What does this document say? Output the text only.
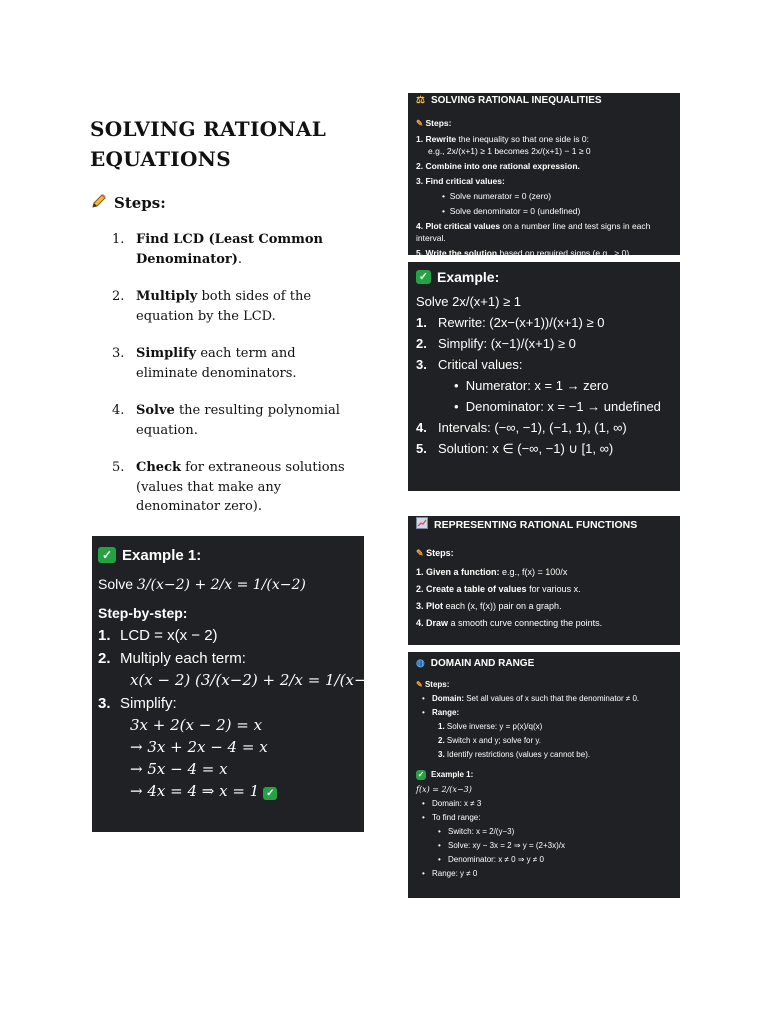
SOLVING RATIONAL EQUATIONS
Steps:
1. Find LCD (Least Common Denominator).
2. Multiply both sides of the equation by the LCD.
3. Simplify each term and eliminate denominators.
4. Solve the resulting polynomial equation.
5. Check for extraneous solutions (values that make any denominator zero).
✓ Example 1:
Solve 3/(x−2) + 2/x = 1/(x−2)
Step-by-step:
1. LCD = x(x − 2)
2. Multiply each term:
x(x − 2) (3/(x−2) + 2/x = 1/(x−2))
3. Simplify:
3x + 2(x − 2) = x
→ 3x + 2x − 4 = x
→ 5x − 4 = x
→ 4x = 4 ⇒ x = 1 ✓
⚖ SOLVING RATIONAL INEQUALITIES
✎ Steps:
1. Rewrite the inequality so that one side is 0:
e.g., 2x/(x+1) ≥ 1 becomes 2x/(x+1) − 1 ≥ 0
2. Combine into one rational expression.
3. Find critical values:
•  Solve numerator = 0 (zero)
•  Solve denominator = 0 (undefined)
4. Plot critical values on a number line and test signs in each interval.
5. Write the solution based on required signs (e.g., > 0).
✓ Example:
Solve 2x/(x+1) ≥ 1
1. Rewrite: (2x−(x+1))/(x+1) ≥ 0
2. Simplify: (x−1)/(x+1) ≥ 0
3. Critical values:
•  Numerator: x = 1 → zero
•  Denominator: x = −1 → undefined
4. Intervals: (−∞, −1), (−1, 1), (1, ∞)
5. Solution: x ∈ (−∞, −1) ∪ [1, ∞)
REPRESENTING RATIONAL FUNCTIONS
✎ Steps:
1. Given a function: e.g., f(x) = 100/x
2. Create a table of values for various x.
3. Plot each (x, f(x)) pair on a graph.
4. Draw a smooth curve connecting the points.
◍ DOMAIN AND RANGE
✎ Steps:
• Domain: Set all values of x such that the denominator ≠ 0.
• Range:
1. Solve inverse: y = p(x)/q(x)
2. Switch x and y; solve for y.
3. Identify restrictions (values y cannot be).
✓ Example 1:
f(x) = 2/(x−3)
• Domain: x ≠ 3
• To find range:
• Switch: x = 2/(y−3)
• Solve: xy − 3x = 2 ⇒ y = (2+3x)/x
• Denominator: x ≠ 0 ⇒ y ≠ 0
• Range: y ≠ 0
